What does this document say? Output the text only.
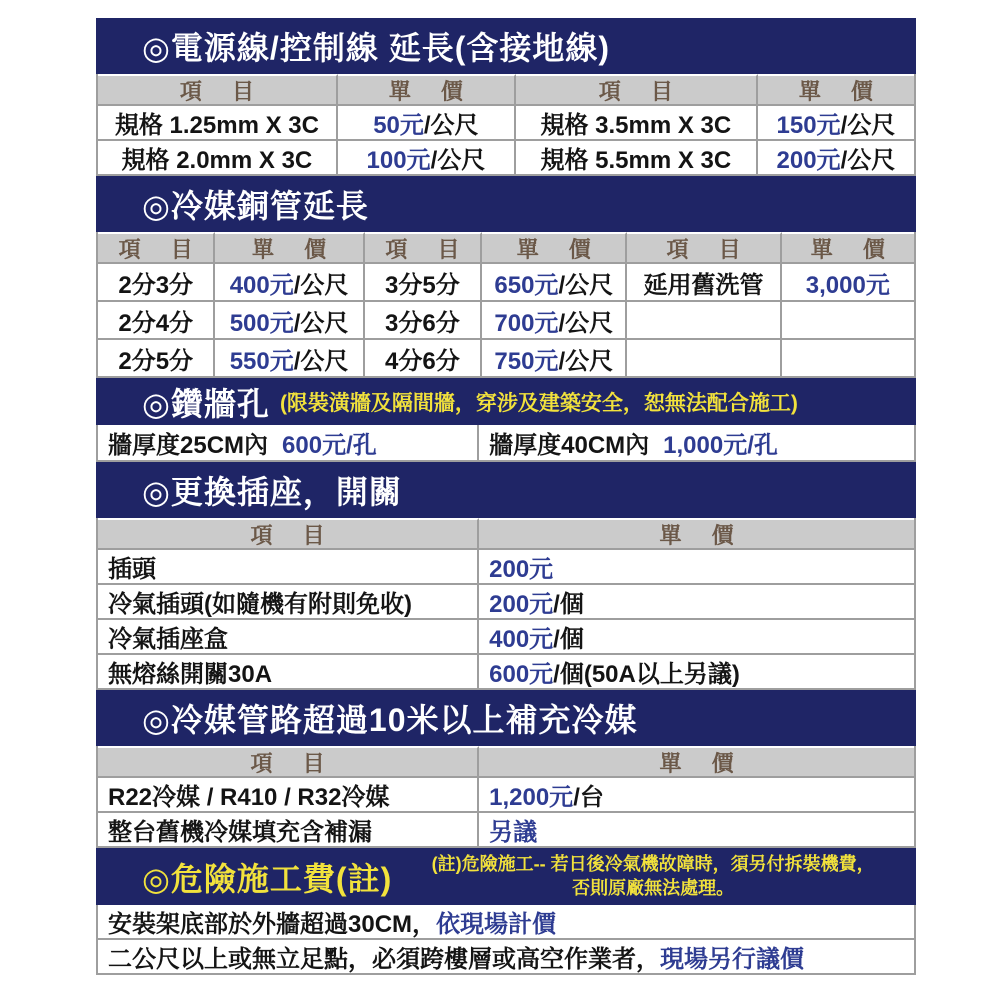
◎電源線/控制線 延長(含接地線)
項 目	單 價	項 目	單 價
規格 1.25mm X 3C	50元 /公尺	規格 3.5mm X 3C	150元 /公尺
規格 2.0mm X 3C	100元 /公尺	規格 5.5mm X 3C	200元 /公尺
◎冷媒銅管延長
項 目	單 價	項 目	單 價	項 目	單 價
2分3分	400元 /公尺	3分5分	650元 /公尺	延用舊洗管	3,000元
2分4分	500元 /公尺	3分6分	700元 /公尺
2分5分	550元 /公尺	4分6分	750元 /公尺
◎鑽牆孔 (限裝潢牆及隔間牆，穿涉及建築安全，恕無法配合施工)
牆厚度25CM內 600元/孔	牆厚度40CM內 1,000元/孔
◎更換插座，開關
項 目	單 價
插頭	200元
冷氣插頭(如隨機有附則免收)	200元 /個
冷氣插座盒	400元 /個
無熔絲開關30A	600元 /個(50A以上另議)
◎冷媒管路超過10米以上補充冷媒
項 目	單 價
R22冷媒 / R410 / R32冷媒	1,200元 /台
整台舊機冷媒填充含補漏	另議
◎危險施工費(註)	(註)危險施工-- 若日後冷氣機故障時，須另付拆裝機費，
否則原廠無法處理。
安裝架底部於外牆超過30CM， 依現場計價
二公尺以上或無立足點，必須跨樓層或高空作業者， 現場另行議價
